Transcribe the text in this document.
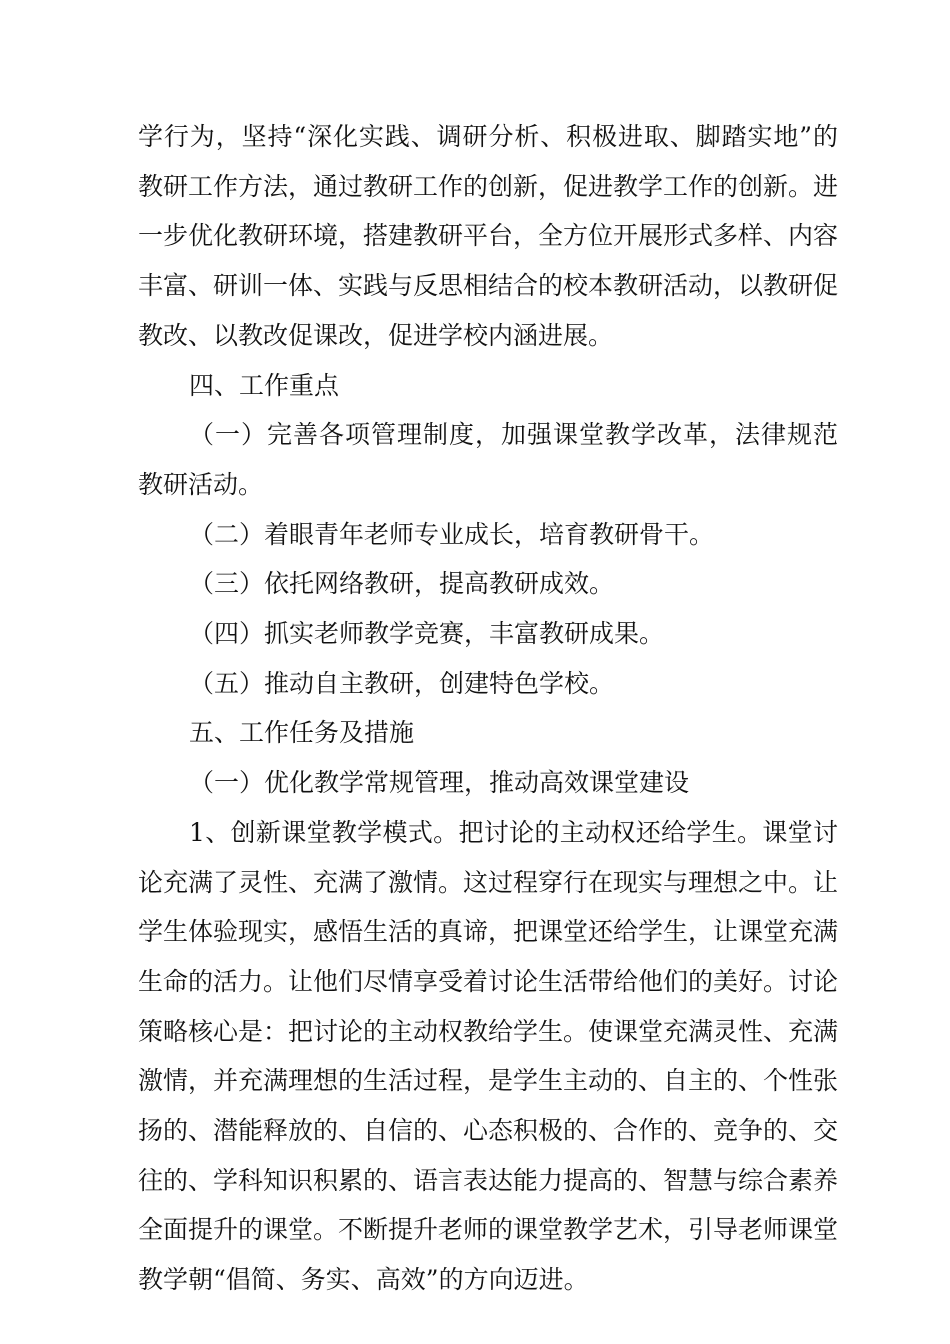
学行为，坚持“深化实践、调研分析、积极进取、脚踏实地”的教研工作方法，通过教研工作的创新，促进教学工作的创新。进一步优化教研环境，搭建教研平台，全方位开展形式多样、内容丰富、研训一体、实践与反思相结合的校本教研活动，以教研促教改、以教改促课改，促进学校内涵进展。

四、工作重点

（一）完善各项管理制度，加强课堂教学改革，法律规范教研活动。

（二）着眼青年老师专业成长，培育教研骨干。

（三）依托网络教研，提高教研成效。

（四）抓实老师教学竞赛，丰富教研成果。

（五）推动自主教研，创建特色学校。

五、工作任务及措施

（一）优化教学常规管理，推动高效课堂建设

1、创新课堂教学模式。把讨论的主动权还给学生。课堂讨论充满了灵性、充满了激情。这过程穿行在现实与理想之中。让学生体验现实，感悟生活的真谛，把课堂还给学生，让课堂充满生命的活力。让他们尽情享受着讨论生活带给他们的美好。讨论策略核心是：把讨论的主动权教给学生。使课堂充满灵性、充满激情，并充满理想的生活过程，是学生主动的、自主的、个性张扬的、潜能释放的、自信的、心态积极的、合作的、竞争的、交往的、学科知识积累的、语言表达能力提高的、智慧与综合素养全面提升的课堂。不断提升老师的课堂教学艺术，引导老师课堂教学朝“倡简、务实、高效”的方向迈进。
